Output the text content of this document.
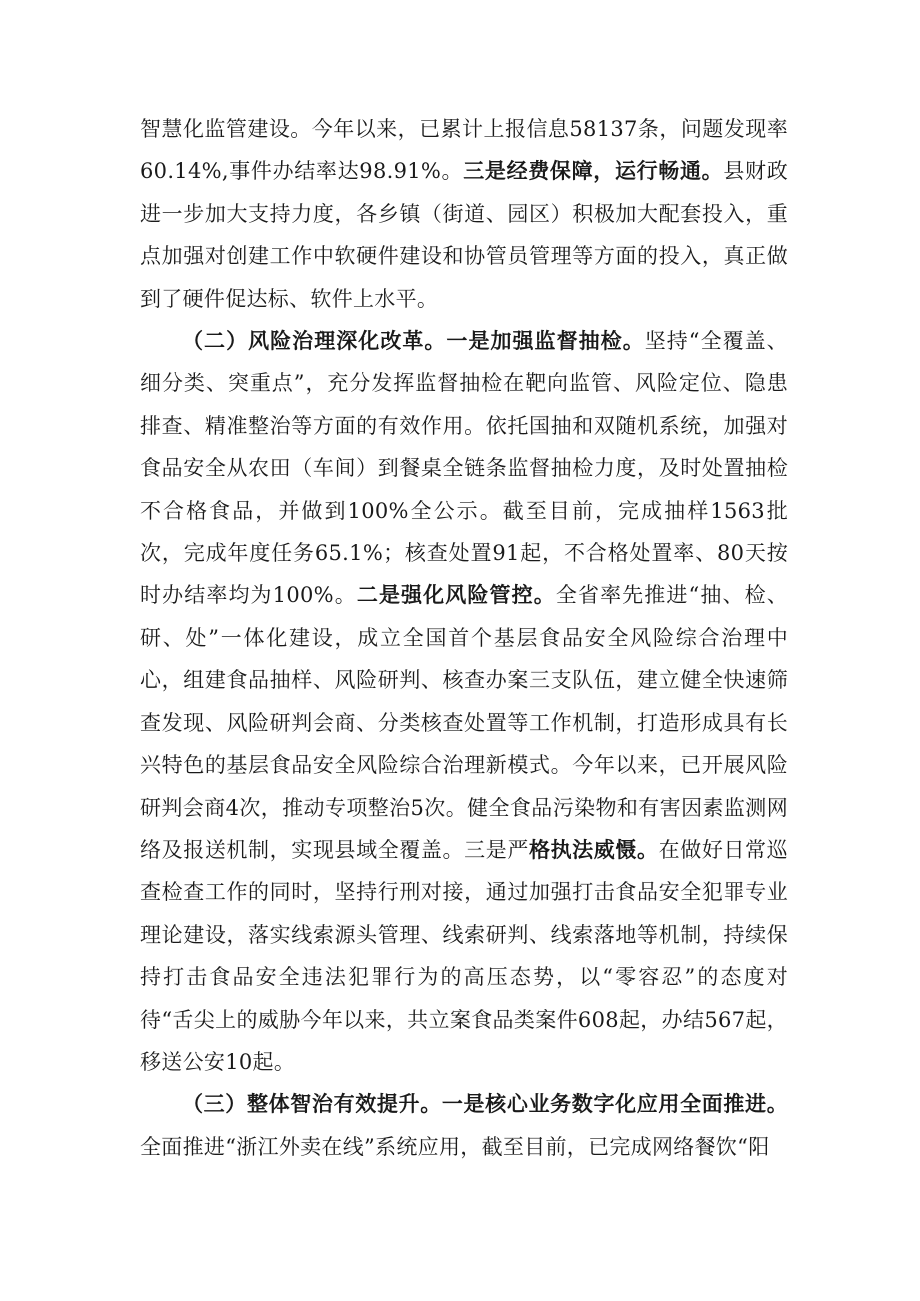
智慧化监管建设。今年以来，已累计上报信息58137条，问题发现率60.14%,事件办结率达98.91%。三是经费保障，运行畅通。县财政进一步加大支持力度，各乡镇（街道、园区）积极加大配套投入，重点加强对创建工作中软硬件建设和协管员管理等方面的投入，真正做到了硬件促达标、软件上水平。

（二）风险治理深化改革。一是加强监督抽检。坚持“全覆盖、细分类、突重点”，充分发挥监督抽检在靶向监管、风险定位、隐患排查、精准整治等方面的有效作用。依托国抽和双随机系统，加强对食品安全从农田（车间）到餐桌全链条监督抽检力度，及时处置抽检不合格食品，并做到100%全公示。截至目前，完成抽样1563批次，完成年度任务65.1%；核查处置91起，不合格处置率、80天按时办结率均为100%。二是强化风险管控。全省率先推进“抽、检、研、处”一体化建设，成立全国首个基层食品安全风险综合治理中心，组建食品抽样、风险研判、核查办案三支队伍，建立健全快速筛查发现、风险研判会商、分类核查处置等工作机制，打造形成具有长兴特色的基层食品安全风险综合治理新模式。今年以来，已开展风险研判会商4次，推动专项整治5次。健全食品污染物和有害因素监测网络及报送机制，实现县域全覆盖。三是严格执法威慑。在做好日常巡查检查工作的同时，坚持行刑对接，通过加强打击食品安全犯罪专业理论建设，落实线索源头管理、线索研判、线索落地等机制，持续保持打击食品安全违法犯罪行为的高压态势，以“零容忍”的态度对待“舌尖上的威胁今年以来，共立案食品类案件608起，办结567起，移送公安10起。

（三）整体智治有效提升。一是核心业务数字化应用全面推进。全面推进“浙江外卖在线”系统应用，截至目前，已完成网络餐饮“阳
